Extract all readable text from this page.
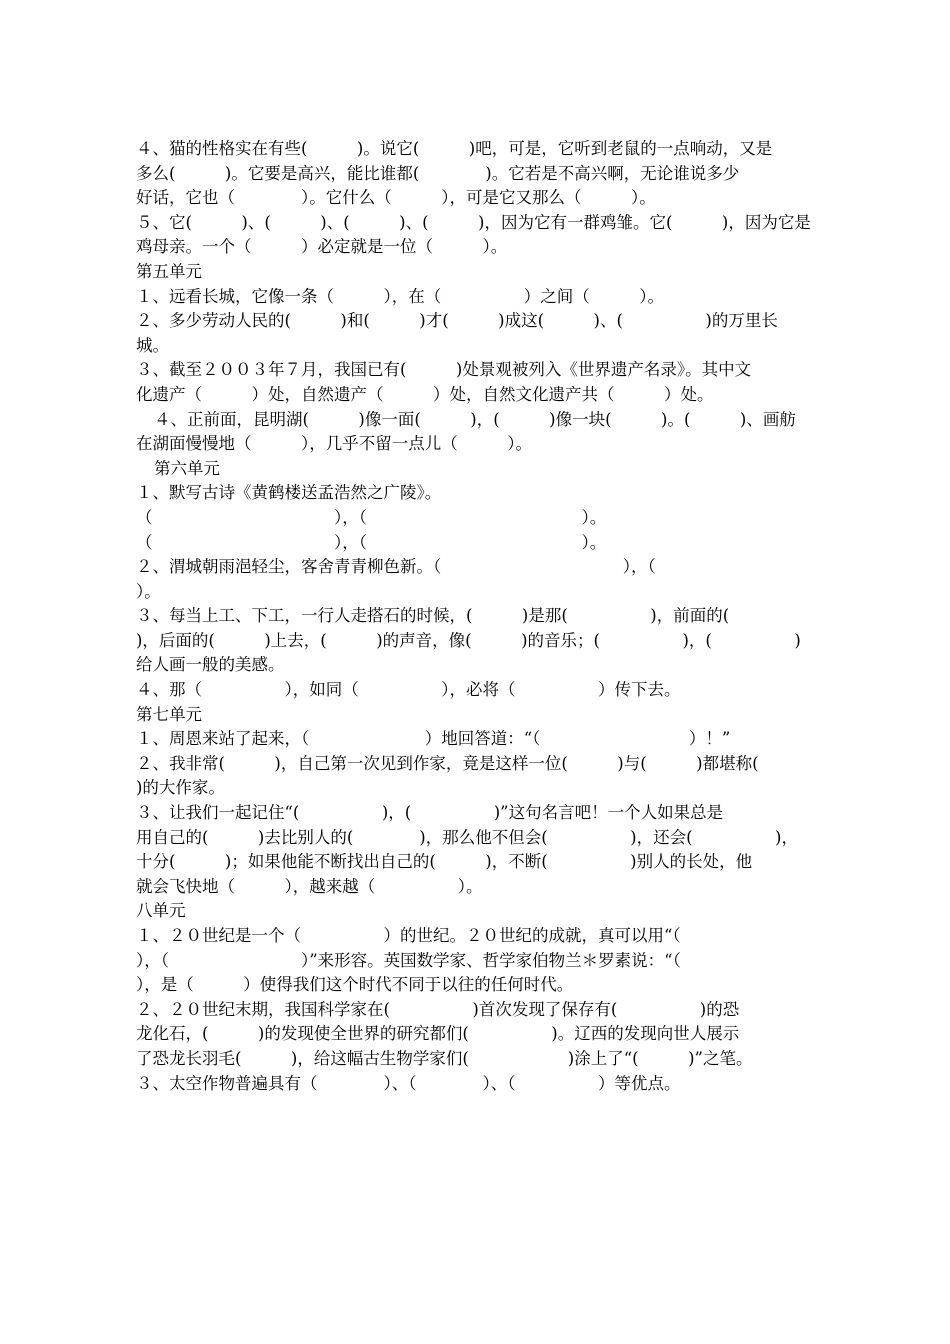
４、猫的性格实在有些(　　　)。说它(　　　)吧，可是，它听到老鼠的一点响动，又是
多么(　　　)。它要是高兴，能比谁都(　　　　)。它若是不高兴啊，无论谁说多少
好话，它也（　　　　）。它什么（　　　），可是它又那么（　　　）。
５、它(　　　)、(　　　)、(　　　)、(　　　)，因为它有一群鸡雏。它(　　　)，因为它是
鸡母亲。一个（　　　）必定就是一位（　　　）。
第五单元
１、远看长城，它像一条（　　　），在（　　　　　）之间（　　　）。
２、多少劳动人民的(　　　)和(　　　)才(　　　)成这(　　　)、(　　　　　)的万里长
城。
３、截至２００３年７月，我国已有(　　　)处景观被列入《世界遗产名录》。其中文
化遗产（　　　）处，自然遗产（　　　）处，自然文化遗产共（　　　）处。
４、正前面，昆明湖(　　　)像一面(　　　)，(　　　)像一块(　　　)。(　　　)、画舫
在湖面慢慢地（　　　），几乎不留一点儿（　　　）。
第六单元
１、默写古诗《黄鹤楼送孟浩然之广陵》。
（　　　　　　　　　　　），（　　　　　　　　　　　　　）。
（　　　　　　　　　　　），（　　　　　　　　　　　　　）。
２、渭城朝雨浥轻尘，客舍青青柳色新。（　　　　　　　　　　　），（
）。
３、每当上工、下工，一行人走搭石的时候，(　　　)是那(　　　　　)，前面的(
)，后面的(　　　)上去，(　　　)的声音，像(　　　)的音乐；(　　　　　)，(　　　　　)
给人画一般的美感。
４、那（　　　　　），如同（　　　　　），必将（　　　　　）传下去。
第七单元
１、周恩来站了起来，（　　　　　　　）地回答道：“（　　　　　　　　　）！”
２、我非常(　　　)，自己第一次见到作家，竟是这样一位(　　　)与(　　　)都堪称(
)的大作家。
３、让我们一起记住“(　　　　　)，(　　　　　)”这句名言吧！一个人如果总是
用自己的(　　　)去比别人的(　　　　)，那么他不但会(　　　　　)，还会(　　　　　)，
十分(　　　)；如果他能不断找出自己的(　　　)，不断(　　　　　)别人的长处，他
就会飞快地（　　　），越来越（　　　　　）。
八单元
１、２０世纪是一个（　　　　　）的世纪。２０世纪的成就，真可以用“（
），（　　　　　　　　）”来形容。英国数学家、哲学家伯物兰＊罗素说：“（
），是（　　　）使得我们这个时代不同于以往的任何时代。
２、２０世纪末期，我国科学家在(　　　　　)首次发现了保存有(　　　　　)的恐
龙化石，(　　　)的发现使全世界的研究都们(　　　　　)。辽西的发现向世人展示
了恐龙长羽毛(　　　)，给这幅古生物学家们(　　　　　　)涂上了“(　　　)”之笔。
３、太空作物普遍具有（　　　　）、（　　　　）、（　　　　　）等优点。
